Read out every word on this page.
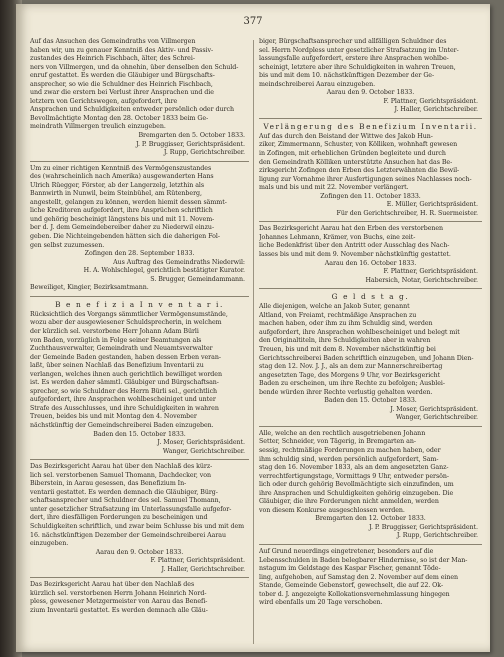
377
Auf das Ansuchen des Gemeindraths von Villmergen
haben wir, um zu genauer Kenntniß des Aktiv- und Passiv-
zustandes des Heinrich Fischbach, älter, des Schrei-
ners von Villmergen, und da ohnehin, über denselben den Schuld-
enruf gestattet. Es werden die Gläubiger und Bürgschafts-
ansprecher, so wie die Schuldner des Heinrich Fischbach,
und zwar die erstern bei Verlust ihrer Ansprachen und die
letztern von Gerichtswegen, aufgefordert, ihre
Ansprachen und Schuldigkeiten entweder persönlich oder durch
Bevollmächtigte Montag den 28. October 1833 beim Ge-
meindrath Villmergen treulich einzugeben.
Bremgarten den 5. October 1833.
J. P. Bruggisser, Gerichtspräsident.
J. Rupp, Gerichtschreiber.
Um zu einer richtigen Kenntniß des Vermögenszustandes
des (wahrscheinlich nach Amerika) ausgewanderten Hans
Ulrich Rüegger, Förster, ab der Langerzelg, letzthin als
Bannwirth in Nunwil, beim Steinbühel, am Rütenberg,
angestellt, gelangen zu können, werden hiemit dessen sämmt-
liche Kreditoren aufgefordert, ihre Ansprüchen schriftlich
und gehörig bescheinigt längstens bis und mit 11. Novem-
ber d. J. dem Gemeindebereiber daher zu Niederwil einzu-
geben. Die Nichteingebenden hätten sich die daherigen Fol-
gen selbst zuzumessen.
Zofingen den 28. September 1833.
Aus Auftrag des Gemeindraths Niederwil:
H. A. Wohlschlegel, gerichtlich bestätigter Kurator.
S. Brugger, Gemeindammann.
Beweiliget, Kingier, Bezirksamtmann.
B e n e f i z i a I n v e n t a r i.
Rücksichtlich des Vorgangs sämmtlicher Vermögensumstände,
wozu aber der ausgewiesener Schuldsprecherin, in welchem
der kürzlich sel. verstorbene Herr Johann Adam Bürli
von Baden, vorzüglich in Folge seiner Beamtungen als
Zuchthausverwalter, Gemeindrath und Neuamtsverwalter
der Gemeinde Baden gestanden, haben dessen Erben veran-
laßt, über seinen Nachlaß das Benefizium Inventarii zu
verlangen, welches ihnen auch gerichtlich bewilliget worden
ist. Es werden daher sämmtl. Gläubiger und Bürgschaftsan-
sprecher, so wie Schuldner des Herrn Bürli sel., gerichtlich
aufgefordert, ihre Ansprachen wohlbescheiniget und unter
Strafe des Ausschlusses, und ihre Schuldigkeiten in wahren
Treuen, beides bis und mit Montag den 4. November
nächstkünftig der Gemeindschreiberei Baden einzugeben.
Baden den 15. October 1833.
J. Moser, Gerichtspräsident.
Wanger, Gerichtschreiber.
Das Bezirksgericht Aarau hat über den Nachlaß des kürz-
lich sel. verstorbenen Samuel Thomann, Dachdecker, von
Biberstein, in Aarau gesessen, das Benefizium In-
ventarii gestattet. Es werden demnach die Gläubiger, Bürg-
schaftsansprecher und Schuldner des sel. Samuel Thomann,
unter gesetzlicher Strafsatzung im Unterlassungsfalle aufgefor-
dert, ihre diesfälligen Forderungen zu bescheinigen und
Schuldigkeiten schriftlich, und zwar beim Schlusse bis und mit dem
16. nächstkünftigen Dezember der Gemeindschreiberei Aarau
einzugeben.
Aarau den 9. October 1833.
F. Plattner, Gerichtspräsident.
J. Haller, Gerichtschreiber.
Das Bezirksgericht Aarau hat über den Nachlaß des
kürzlich sel. verstorbenen Herrn Johann Heinrich Nord-
pless, gewesener Metzgermeister von Aarau das Benefi-
zium Inventarii gestattet. Es werden demnach alle Gläu-
biger, Bürgschaftsansprecher und allfälligen Schuldner des
sel. Herrn Nordpless unter gesetzlicher Strafsatzung im Unter-
lassungsfalle aufgefordert, erstere ihre Ansprachen wohlbe-
scheinigt, letztere aber ihre Schuldigkeiten in wahren Treuen,
bis und mit dem 10. nächstkünftigen Dezember der Ge-
meindschreiberei Aarau einzugeben.
Aarau den 9. October 1833.
F. Plattner, Gerichtspräsident.
J. Haller, Gerichtschreiber.
Verlängerung des Benefizium Inventarii.
Auf das durch den Beistand der Wittwe des Jakob Hun-
ziker, Zimmermann, Schuster, von Kölliken, wohnhaft gewesen
in Zofingen, mit erheblichen Gründen begleitete und durch
den Gemeindrath Kölliken unterstützte Ansuchen hat das Be-
zirksgericht Zofingen den Erben des Letzterwähnten die Bewil-
ligung zur Vornahme ihrer Ausfertigungen seines Nachlasses noch-
mals und bis und mit 22. November verlängert.
Zofingen den 11. October 1833.
E. Müller, Gerichtspräsident.
Für den Gerichtschreiber, H. R. Suermeister.
Das Bezirksgericht Aarau hat den Erben des verstorbenen
Johannes Lehmann, Krämer, von Buchs, eine zeit-
liche Bedenkfrist über den Antritt oder Ausschlag des Nach-
lasses bis und mit dem 9. November nächstkünftig gestattet.
Aarau den 16. October 1833.
F. Plattner, Gerichtspräsident.
Habersich, Notar, Gerichtschreiber.
G e l d s t a g.
Alle diejenigen, welche an Jakob Suter, genannt
Ältland, von Freiamt, rechtmäßige Ansprachen zu
machen haben, oder ihm zu ihm Schuldig sind, werden
aufgefordert, ihre Ansprachen wohlbescheiniget und belegt mit
den Originaltiteln, ihre Schuldigkeiten aber in wahren
Treuen, bis und mit dem 8. November nächstkünftig bei
Gerichtsschreiberei Baden schriftlich einzugeben, und Johann Dien-
stag den 12. Nov. J. J., als an dem zur Mannerschreibertag
angesetzten Tage, des Morgens 9 Uhr, vor Bezirksgericht
Baden zu erscheinen, um ihre Rechte zu befolgen; Ausblei-
bende würden ihrer Rechte verlustig gehalten werden.
Baden den 15. October 1833.
J. Moser, Gerichtspräsident.
Wanger, Gerichtschreiber.
Alle, welche an den rechtlich ausgetriebenen Johann
Setter, Schneider, von Tägerig, in Bremgarten an-
sessig, rechtmäßige Forderungen zu machen haben, oder
ihm schuldig sind, werden persönlich aufgefordert, Sam-
stag den 16. November 1833, als an dem angesetzten Ganz-
verrechtfertigungstage, Vormittags 9 Uhr, entweder persön-
lich oder durch gehörig Bevollmächtigte sich einzufinden, um
ihre Ansprachen und Schuldigkeiten gehörig einzugeben. Die
Gläubiger, die ihre Forderungen nicht anmelden, werden
von diesem Konkurse ausgeschlossen werden.
Bremgarten den 12. October 1833.
J. P. Bruggisser, Gerichtspräsident.
J. Rupp, Gerichtschreiber.
Auf Grund neuerdings eingetretener, besonders auf die
Lebensschulden in Baden belegbarer Hindernisse, so ist der Man-
nstagum im Geldstage des Kaspar Fischer, genannt Töde-
ling, aufgehoben, auf Samstag den 2. November auf dem einen
Stande, Gemeinde Gebenstorf, gewechselt, die auf 22. Ok-
tober d. J. angezeigte Kollokationsvernehmlassung hingegen
wird ebenfalls um 20 Tage verschoben.
